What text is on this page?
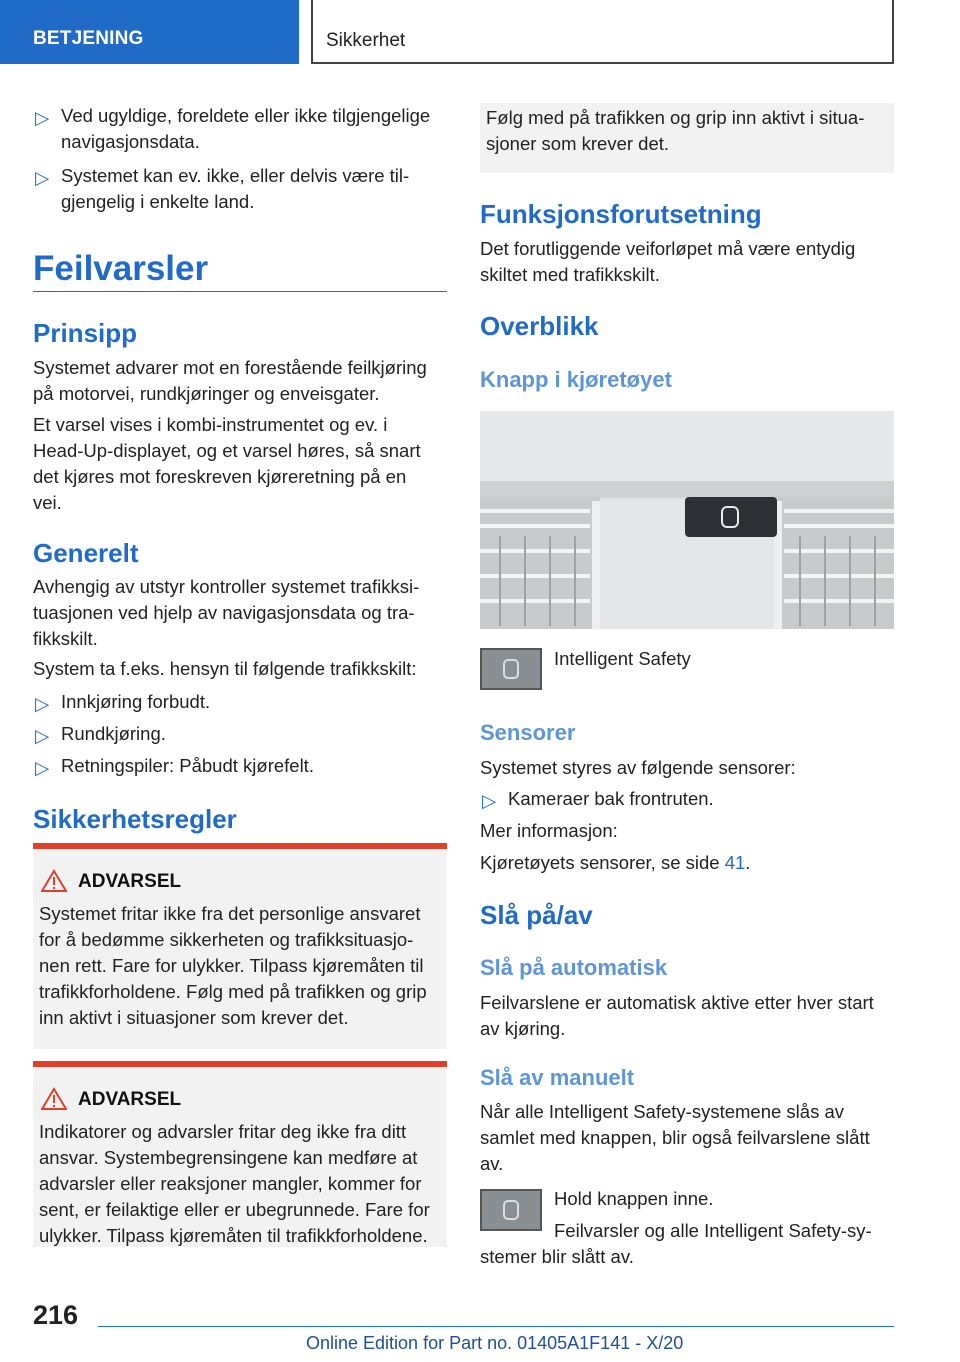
BETJENING	Sikkerhet
▷ Ved ugyldige, foreldete eller ikke tilgjengelige
navigasjonsdata.

▷ Systemet kan ev. ikke, eller delvis være til-
gjengelig i enkelte land.

Feilvarsler
Prinsipp

Systemet advarer mot en forestående feilkjøring
på motorvei, rundkjøringer og enveisgater.

Et varsel vises i kombi-instrumentet og ev. i
Head-Up-displayet, og et varsel høres, så snart
det kjøres mot foreskreven kjøreretning på en
vei.

Generelt

Avhengig av utstyr kontroller systemet trafikksi-
tuasjonen ved hjelp av navigasjonsdata og tra-
fikkskilt.

System ta f.eks. hensyn til følgende trafikkskilt:

▷ Innkjøring forbudt.

▷ Rundkjøring.

▷ Retningspiler: Påbudt kjørefelt.

Sikkerhetsregler
ADVARSEL
Systemet fritar ikke fra det personlige ansvaret
for å bedømme sikkerheten og trafikksituasjo-
nen rett. Fare for ulykker. Tilpass kjøremåten til
trafikkforholdene. Følg med på trafikken og grip
inn aktivt i situasjoner som krever det.
ADVARSEL
Indikatorer og advarsler fritar deg ikke fra ditt
ansvar. Systembegrensingene kan medføre at
advarsler eller reaksjoner mangler, kommer for
sent, er feilaktige eller er ubegrunnede. Fare for
ulykker. Tilpass kjøremåten til trafikkforholdene.

Følg med på trafikken og grip inn aktivt i situa-
sjoner som krever det.

Funksjonsforutsetning

Det forutliggende veiforløpet må være entydig
skiltet med trafikkskilt.

Overblikk
Knapp i kjøretøyet

Intelligent Safety

Sensorer

Systemet styres av følgende sensorer:

▷ Kameraer bak frontruten.

Mer informasjon:

Kjøretøyets sensorer, se side 41.

Slå på/av
Slå på automatisk

Feilvarslene er automatisk aktive etter hver start
av kjøring.

Slå av manuelt

Når alle Intelligent Safety-systemene slås av
samlet med knappen, blir også feilvarslene slått
av.

Hold knappen inne.

Feilvarsler og alle Intelligent Safety-sy-

stemer blir slått av.

216
Online Edition for Part no. 01405A1F141 - X/20
